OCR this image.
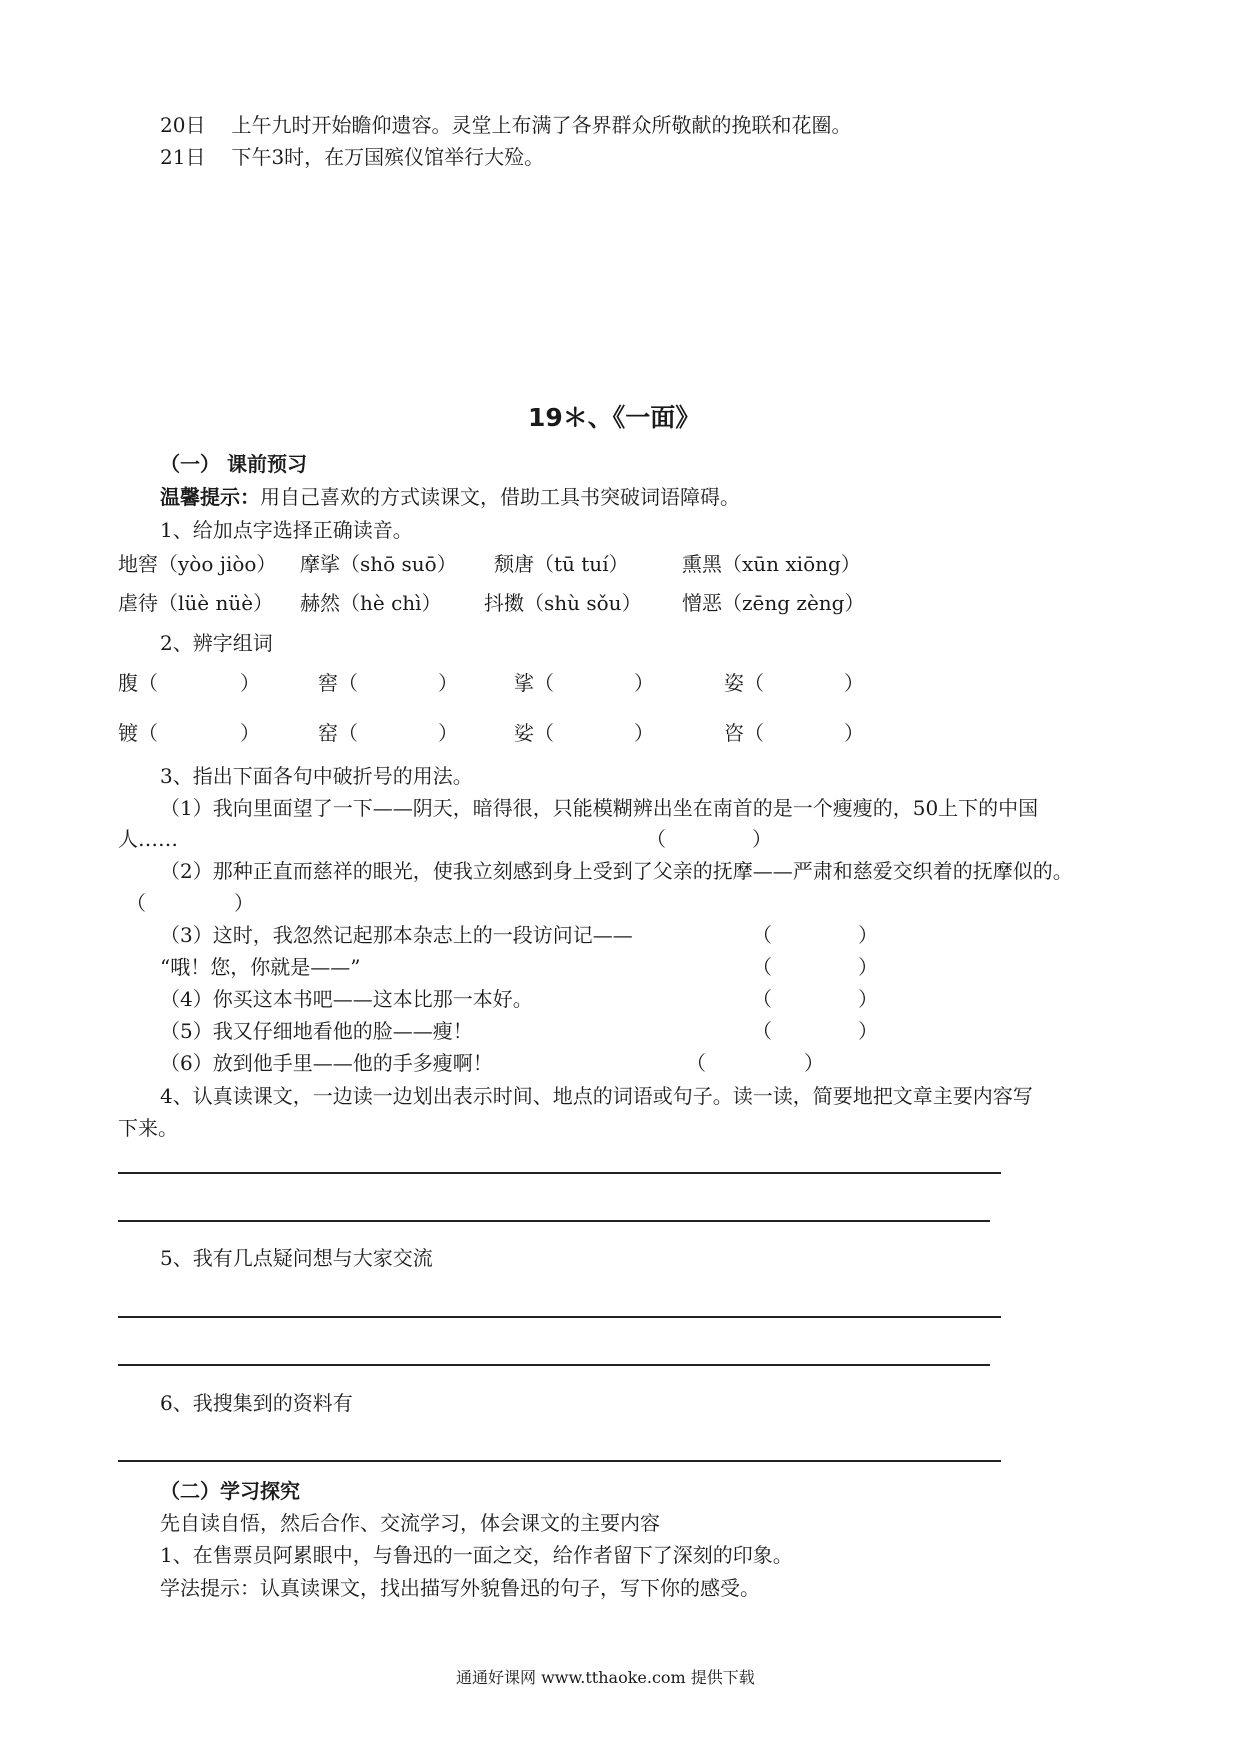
20日 上午九时开始瞻仰遗容。灵堂上布满了各界群众所敬献的挽联和花圈。
21日 下午3时，在万国殡仪馆举行大殓。
19＊、《一面》
（一） 课前预习
温馨提示：用自己喜欢的方式读课文，借助工具书突破词语障碍。
1、给加点字选择正确读音。
地窖（yòo jiòo） 摩挲（shō suō） 颓唐（tū tuí）	熏黑（xūn xiōng）
虐待（lüè nüè） 赫然（hè chì） 抖擞（shù sǒu） 憎恶（zēng zèng）
2、辨字组词
腹（	）	窖（	）	挲（	）	姿（	）
镀（	）	窑（	）	娑（	）	咨（	）
3、指出下面各句中破折号的用法。
（1）我向里面望了一下——阴天，暗得很，只能模糊辨出坐在南首的是一个瘦瘦的，50上下的中国
人……	（	）
（2）那种正直而慈祥的眼光，使我立刻感到身上受到了父亲的抚摩——严肃和慈爱交织着的抚摩似的。
（	）
（3）这时，我忽然记起那本杂志上的一段访问记——	（	）
“哦！您，你就是——”	（	）
（4）你买这本书吧——这本比那一本好。	（	）
（5）我又仔细地看他的脸——瘦！	（	）
（6）放到他手里——他的手多瘦啊！	（	）
4、认真读课文，一边读一边划出表示时间、地点的词语或句子。读一读，简要地把文章主要内容写
下来。
5、我有几点疑问想与大家交流
6、我搜集到的资料有
（二）学习探究
先自读自悟，然后合作、交流学习，体会课文的主要内容
1、在售票员阿累眼中，与鲁迅的一面之交，给作者留下了深刻的印象。
学法提示：认真读课文，找出描写外貌鲁迅的句子，写下你的感受。
通通好课网 www.tthaoke.com 提供下载
